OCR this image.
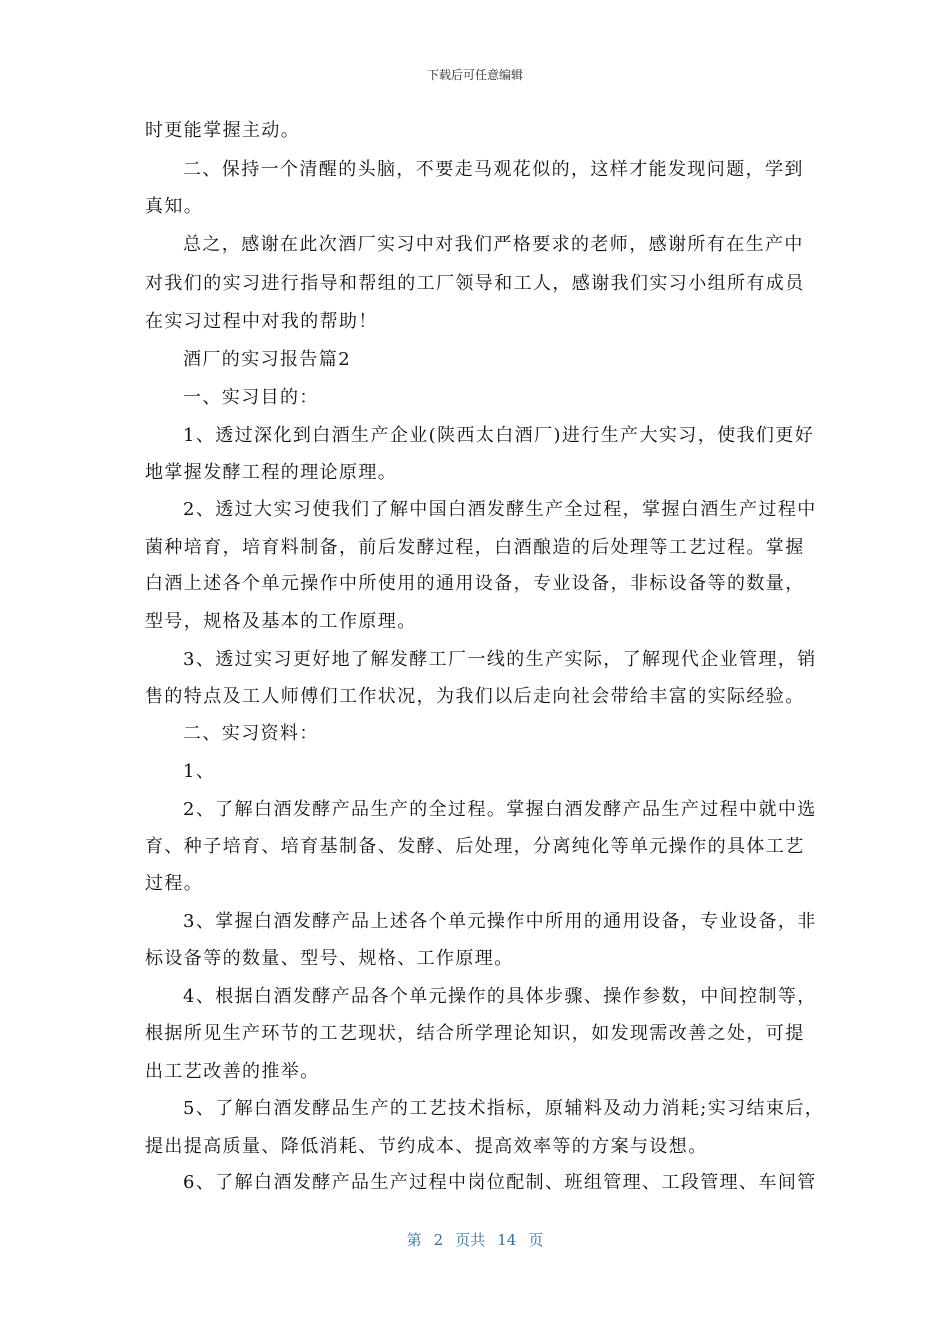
下载后可任意编辑
时更能掌握主动。
二、保持一个清醒的头脑，不要走马观花似的，这样才能发现问题，学到
真知。
总之，感谢在此次酒厂实习中对我们严格要求的老师，感谢所有在生产中
对我们的实习进行指导和帮组的工厂领导和工人，感谢我们实习小组所有成员
在实习过程中对我的帮助！
酒厂的实习报告篇2
一、实习目的：
1、透过深化到白酒生产企业(陕西太白酒厂)进行生产大实习，使我们更好
地掌握发酵工程的理论原理。
2、透过大实习使我们了解中国白酒发酵生产全过程，掌握白酒生产过程中
菌种培育，培育料制备，前后发酵过程，白酒酿造的后处理等工艺过程。掌握
白酒上述各个单元操作中所使用的通用设备，专业设备，非标设备等的数量，
型号，规格及基本的工作原理。
3、透过实习更好地了解发酵工厂一线的生产实际，了解现代企业管理，销
售的特点及工人师傅们工作状况，为我们以后走向社会带给丰富的实际经验。
二、实习资料：
1、
2、了解白酒发酵产品生产的全过程。掌握白酒发酵产品生产过程中就中选
育、种子培育、培育基制备、发酵、后处理，分离纯化等单元操作的具体工艺
过程。
3、掌握白酒发酵产品上述各个单元操作中所用的通用设备，专业设备，非
标设备等的数量、型号、规格、工作原理。
4、根据白酒发酵产品各个单元操作的具体步骤、操作参数，中间控制等，
根据所见生产环节的工艺现状，结合所学理论知识，如发现需改善之处，可提
出工艺改善的推举。
5、了解白酒发酵品生产的工艺技术指标，原辅料及动力消耗;实习结束后，
提出提高质量、降低消耗、节约成本、提高效率等的方案与设想。
6、了解白酒发酵产品生产过程中岗位配制、班组管理、工段管理、车间管
第 2 页共 14 页
